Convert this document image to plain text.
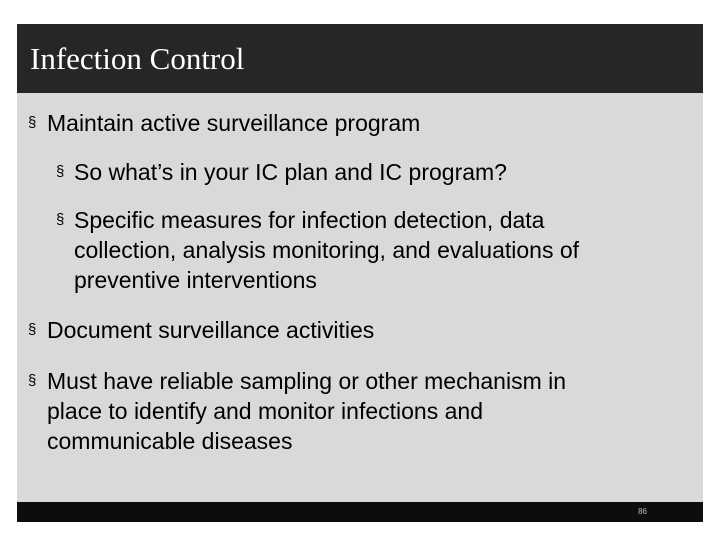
Infection Control
§ Maintain active surveillance program
§ So what’s in your IC plan and IC program?
§ Specific measures for infection detection, data
collection, analysis monitoring, and evaluations of
preventive interventions
§ Document surveillance activities
§ Must have reliable sampling or other mechanism in
place to identify and monitor infections and
communicable diseases
86
